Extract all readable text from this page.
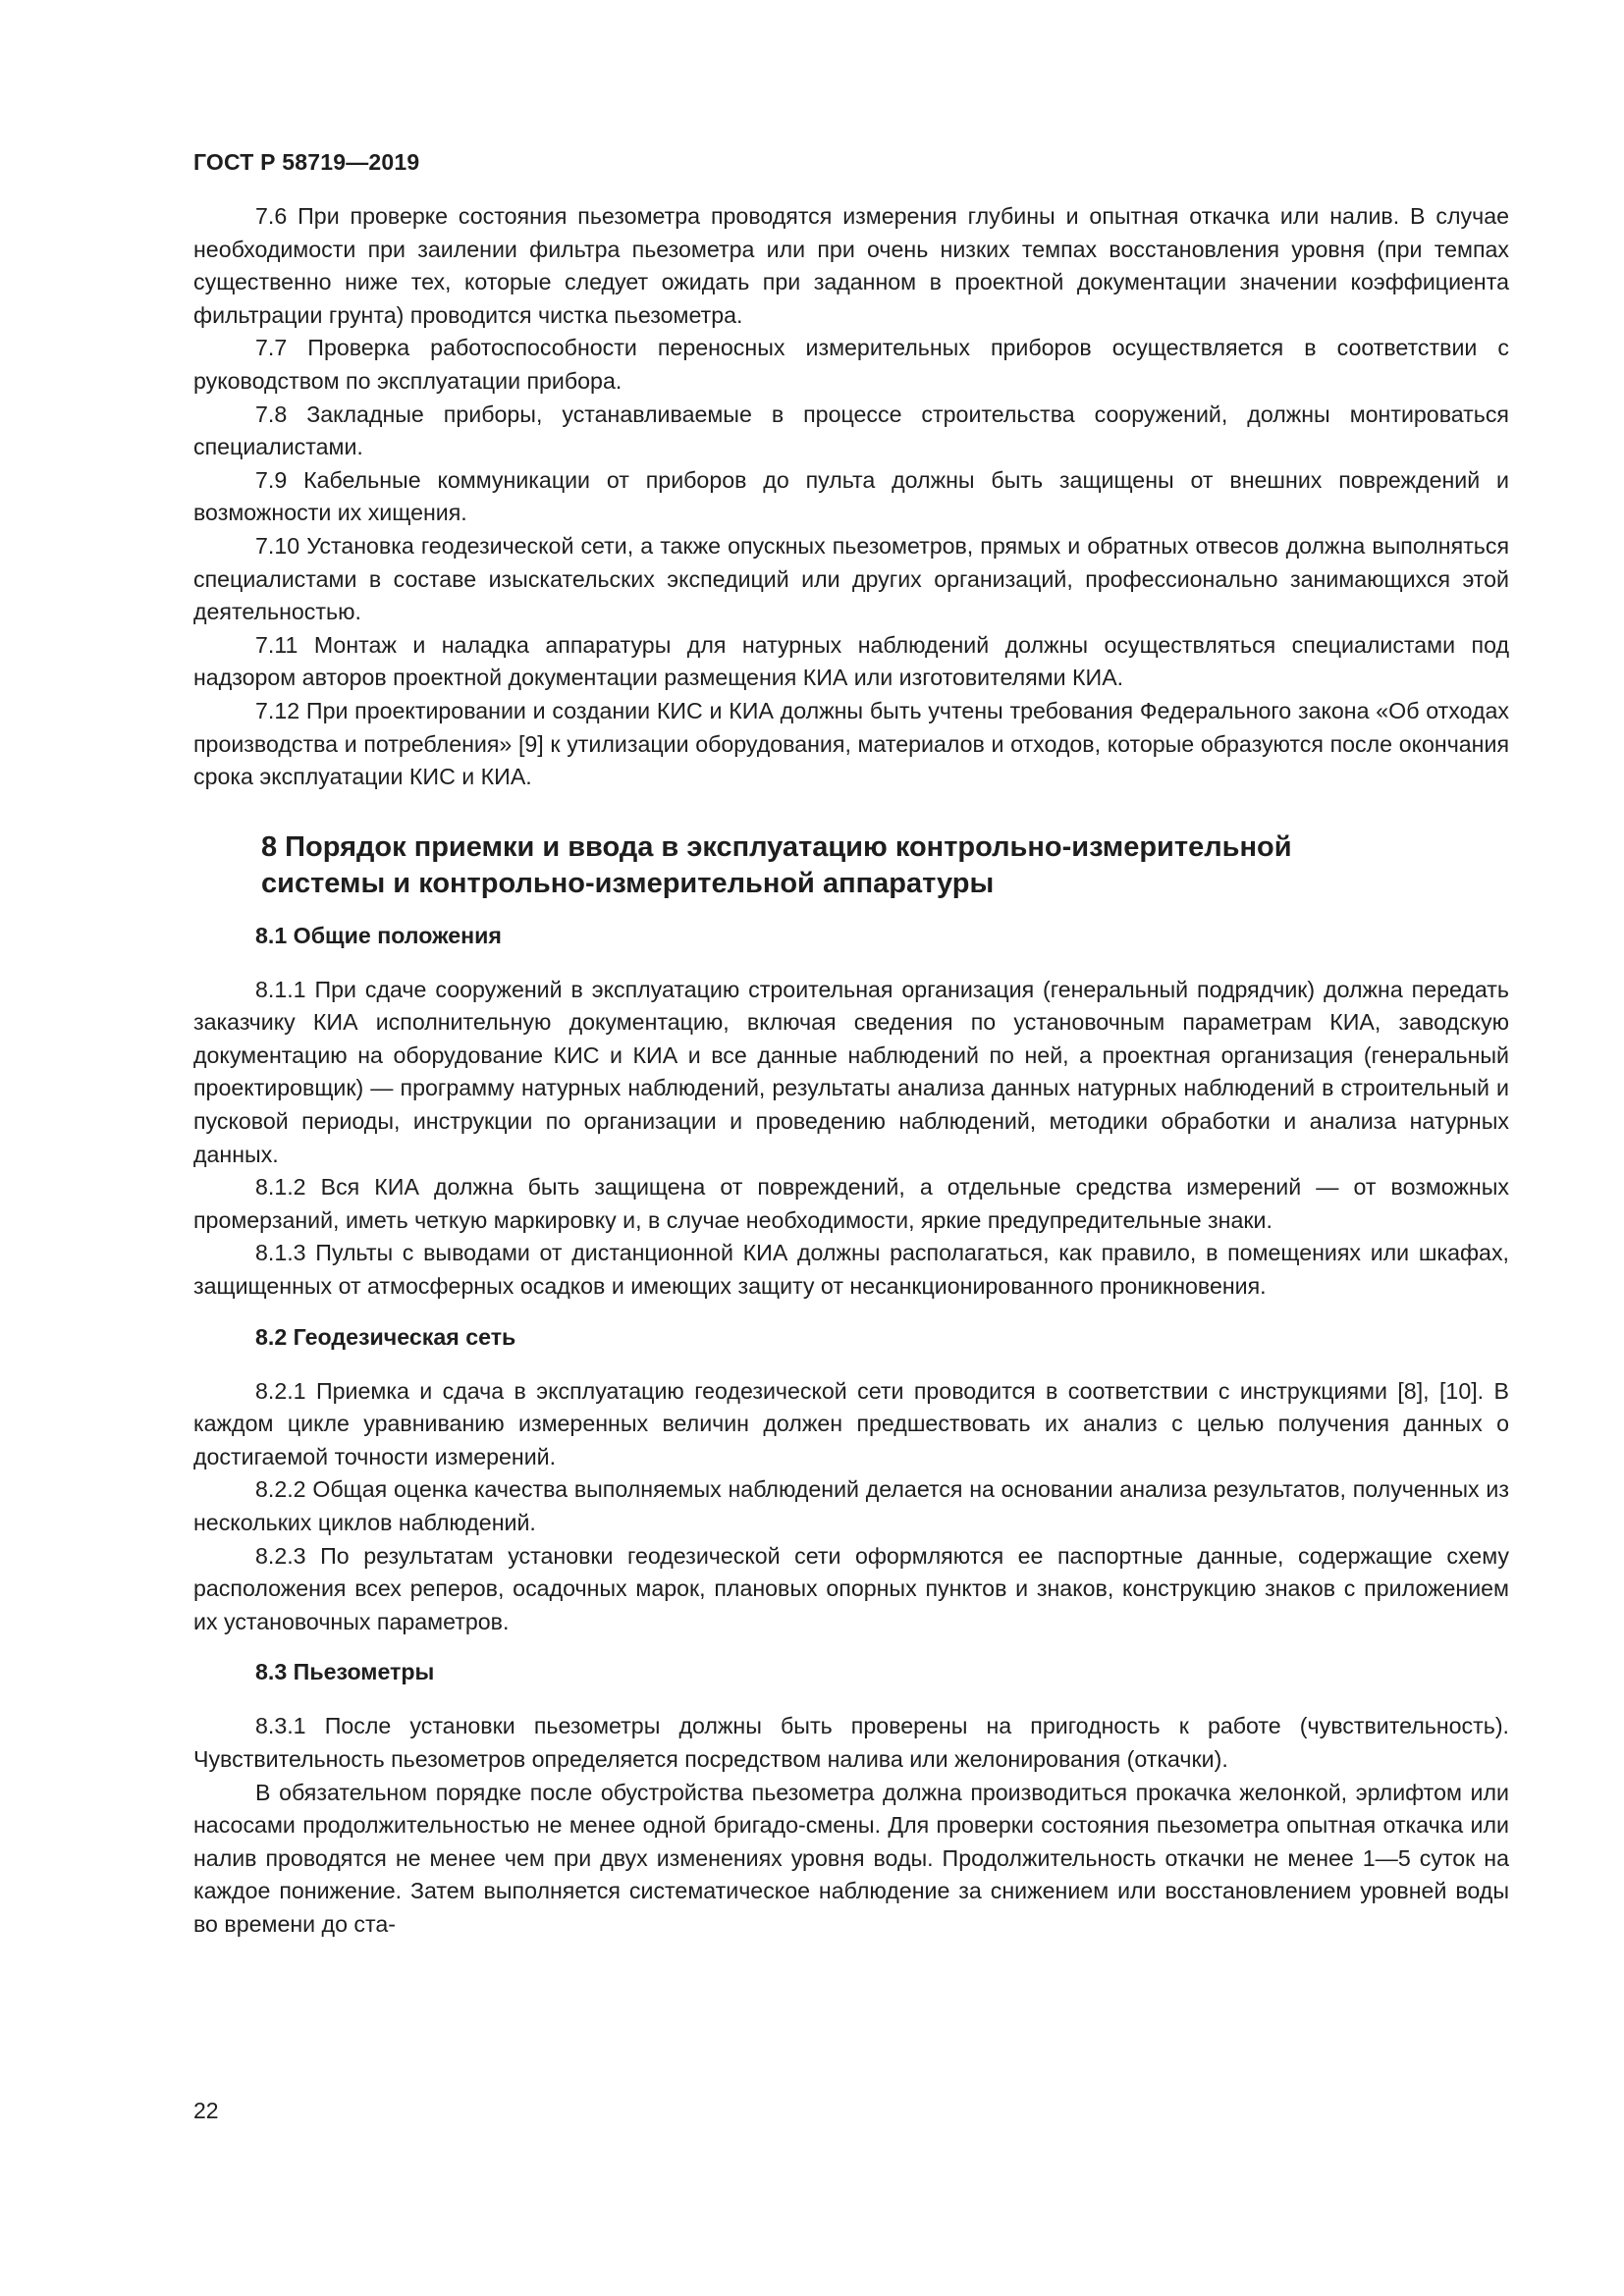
ГОСТ Р 58719—2019

7.6 При проверке состояния пьезометра проводятся измерения глубины и опытная откачка или налив. В случае необходимости при заилении фильтра пьезометра или при очень низких темпах восстановления уровня (при темпах существенно ниже тех, которые следует ожидать при заданном в проектной документации значении коэффициента фильтрации грунта) проводится чистка пьезометра.

7.7 Проверка работоспособности переносных измерительных приборов осуществляется в соответствии с руководством по эксплуатации прибора.

7.8 Закладные приборы, устанавливаемые в процессе строительства сооружений, должны монтироваться специалистами.

7.9 Кабельные коммуникации от приборов до пульта должны быть защищены от внешних повреждений и возможности их хищения.

7.10 Установка геодезической сети, а также опускных пьезометров, прямых и обратных отвесов должна выполняться специалистами в составе изыскательских экспедиций или других организаций, профессионально занимающихся этой деятельностью.

7.11 Монтаж и наладка аппаратуры для натурных наблюдений должны осуществляться специалистами под надзором авторов проектной документации размещения КИА или изготовителями КИА.

7.12 При проектировании и создании КИС и КИА должны быть учтены требования Федерального закона «Об отходах производства и потребления» [9] к утилизации оборудования, материалов и отходов, которые образуются после окончания срока эксплуатации КИС и КИА.

8 Порядок приемки и ввода в эксплуатацию контрольно-измерительной
системы и контрольно-измерительной аппаратуры
8.1 Общие положения

8.1.1 При сдаче сооружений в эксплуатацию строительная организация (генеральный подрядчик) должна передать заказчику КИА исполнительную документацию, включая сведения по установочным параметрам КИА, заводскую документацию на оборудование КИС и КИА и все данные наблюдений по ней, а проектная организация (генеральный проектировщик) — программу натурных наблюдений, результаты анализа данных натурных наблюдений в строительный и пусковой периоды, инструкции по организации и проведению наблюдений, методики обработки и анализа натурных данных.

8.1.2 Вся КИА должна быть защищена от повреждений, а отдельные средства измерений — от возможных промерзаний, иметь четкую маркировку и, в случае необходимости, яркие предупредительные знаки.

8.1.3 Пульты с выводами от дистанционной КИА должны располагаться, как правило, в помещениях или шкафах, защищенных от атмосферных осадков и имеющих защиту от несанкционированного проникновения.

8.2 Геодезическая сеть

8.2.1 Приемка и сдача в эксплуатацию геодезической сети проводится в соответствии с инструкциями [8], [10]. В каждом цикле уравниванию измеренных величин должен предшествовать их анализ с целью получения данных о достигаемой точности измерений.

8.2.2 Общая оценка качества выполняемых наблюдений делается на основании анализа результатов, полученных из нескольких циклов наблюдений.

8.2.3 По результатам установки геодезической сети оформляются ее паспортные данные, содержащие схему расположения всех реперов, осадочных марок, плановых опорных пунктов и знаков, конструкцию знаков с приложением их установочных параметров.

8.3 Пьезометры

8.3.1 После установки пьезометры должны быть проверены на пригодность к работе (чувствительность). Чувствительность пьезометров определяется посредством налива или желонирования (откачки).

В обязательном порядке после обустройства пьезометра должна производиться прокачка желонкой, эрлифтом или насосами продолжительностью не менее одной бригадо-смены. Для проверки состояния пьезометра опытная откачка или налив проводятся не менее чем при двух изменениях уровня воды. Продолжительность откачки не менее 1—5 суток на каждое понижение. Затем выполняется систематическое наблюдение за снижением или восстановлением уровней воды во времени до ста-

22
